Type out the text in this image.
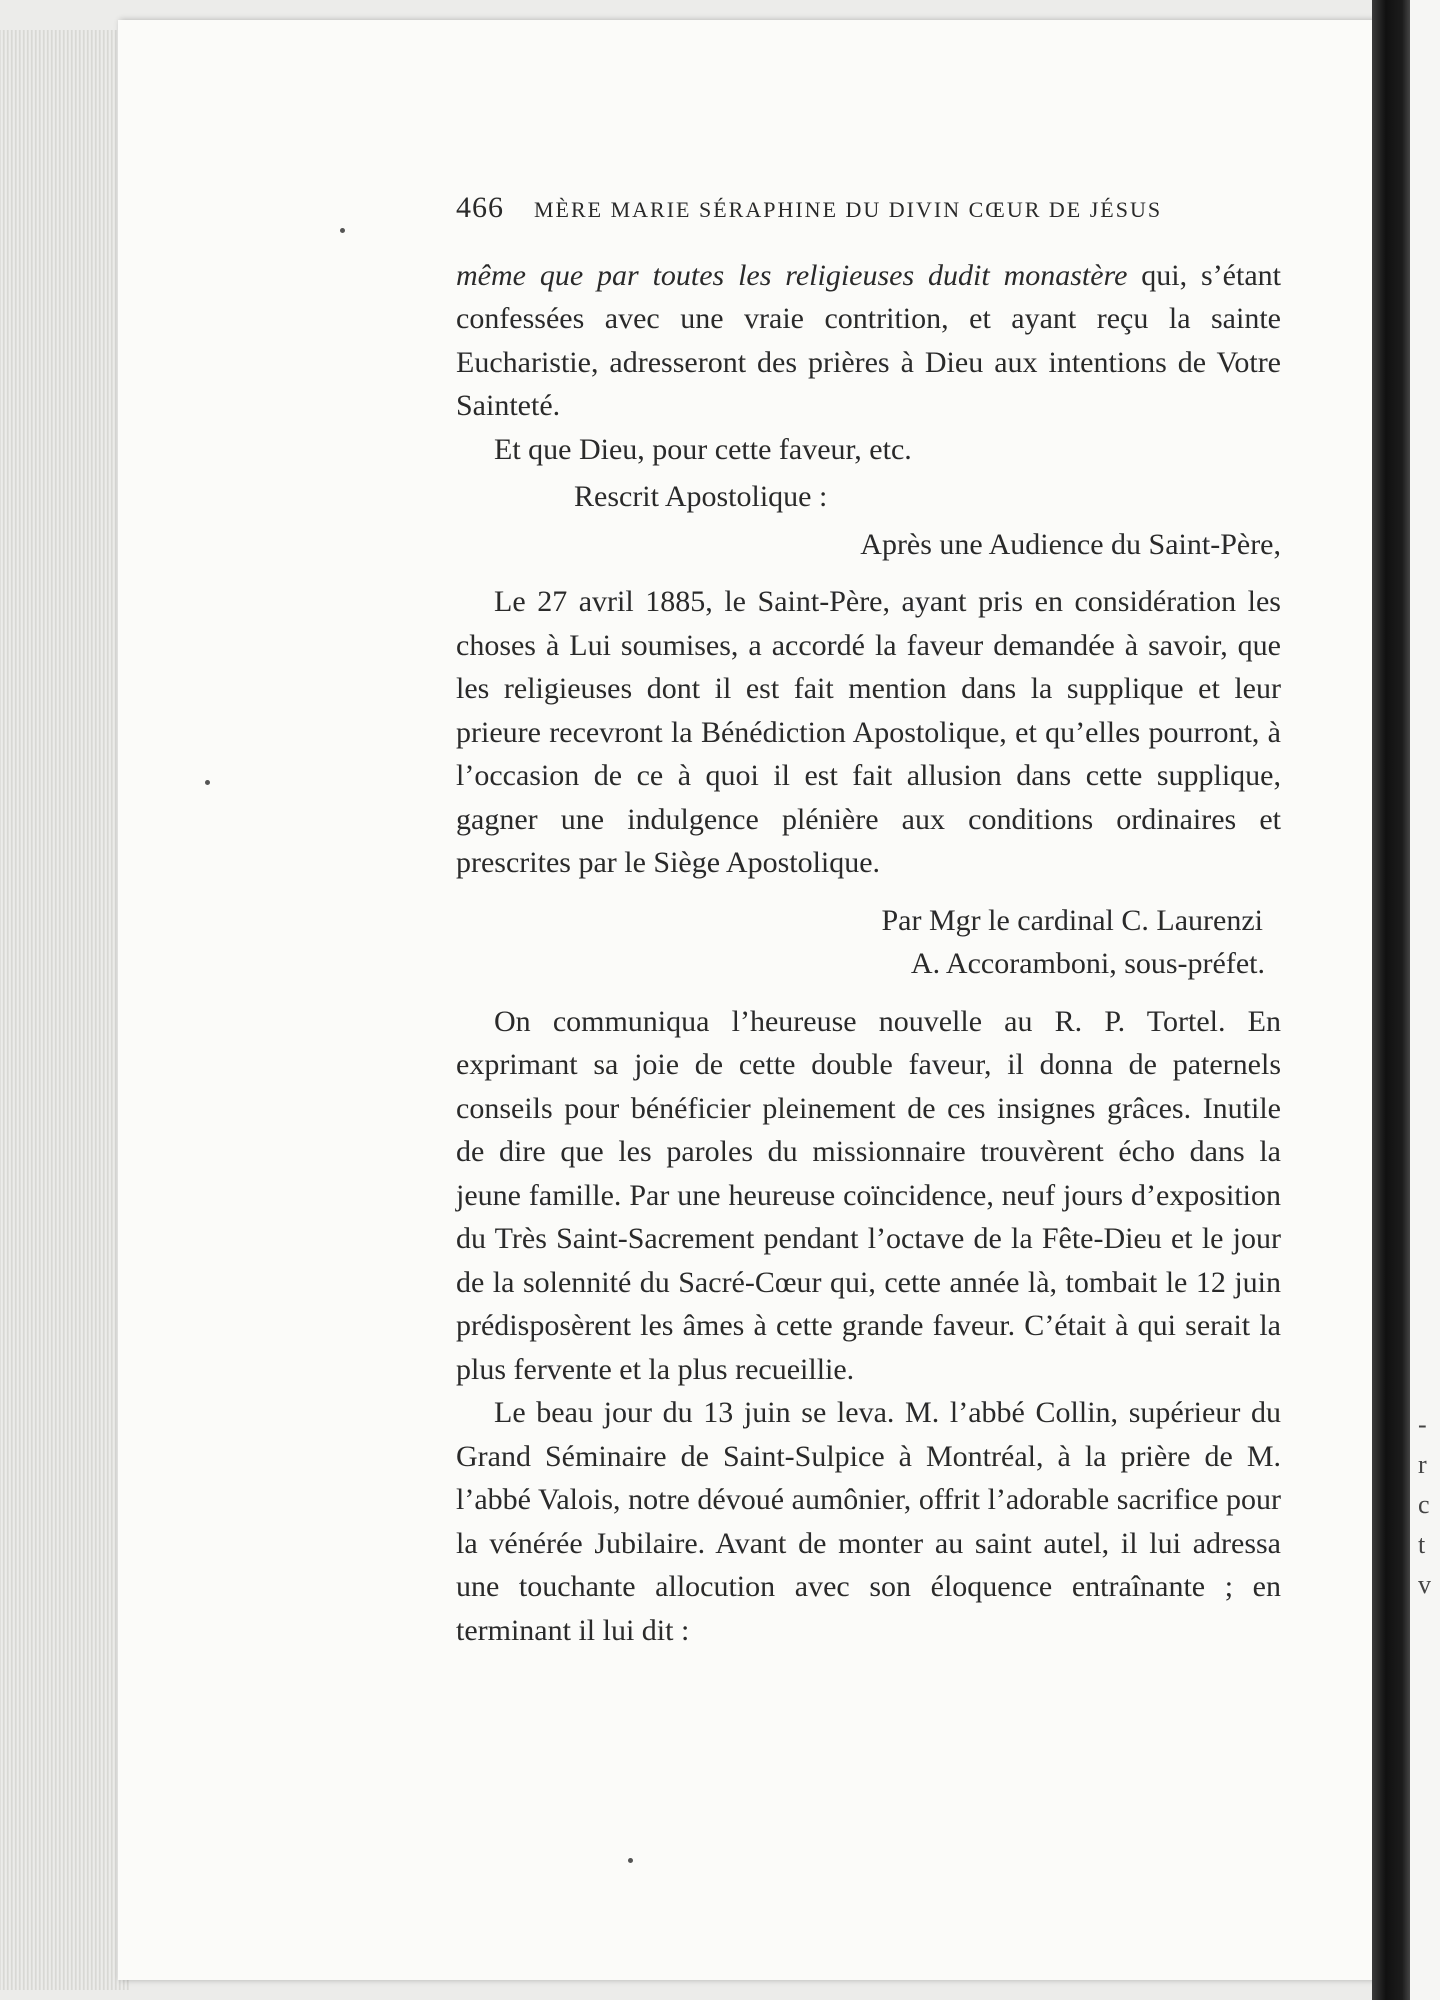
-
r
c
t
v
466 MÈRE MARIE SÉRAPHINE DU DIVIN CŒUR DE JÉSUS

même que par toutes les religieuses dudit monastère qui, s’étant confessées avec une vraie contrition, et ayant reçu la sainte Eucharistie, adresseront des prières à Dieu aux intentions de Votre Sainteté.

Et que Dieu, pour cette faveur, etc.

Rescrit Apostolique :

Après une Audience du Saint-Père,

Le 27 avril 1885, le Saint-Père, ayant pris en considération les choses à Lui soumises, a accordé la faveur demandée à savoir, que les religieuses dont il est fait mention dans la supplique et leur prieure recevront la Bénédiction Apostolique, et qu’elles pourront, à l’occasion de ce à quoi il est fait allusion dans cette supplique, gagner une indulgence plénière aux conditions ordinaires et prescrites par le Siège Apostolique.

Par Mgr le cardinal C. Laurenzi

A. Accoramboni, sous-préfet.

On communiqua l’heureuse nouvelle au R. P. Tortel. En exprimant sa joie de cette double faveur, il donna de paternels conseils pour bénéficier pleinement de ces insignes grâces. Inutile de dire que les paroles du missionnaire trouvèrent écho dans la jeune famille. Par une heureuse coïncidence, neuf jours d’exposition du Très Saint-Sacrement pendant l’octave de la Fête-Dieu et le jour de la solennité du Sacré-Cœur qui, cette année là, tombait le 12 juin prédisposèrent les âmes à cette grande faveur. C’était à qui serait la plus fervente et la plus recueillie.

Le beau jour du 13 juin se leva. M. l’abbé Collin, supérieur du Grand Séminaire de Saint-Sulpice à Montréal, à la prière de M. l’abbé Valois, notre dévoué aumônier, offrit l’adorable sacrifice pour la vénérée Jubilaire. Avant de monter au saint autel, il lui adressa une touchante allocution avec son éloquence entraînante ; en terminant il lui dit :
